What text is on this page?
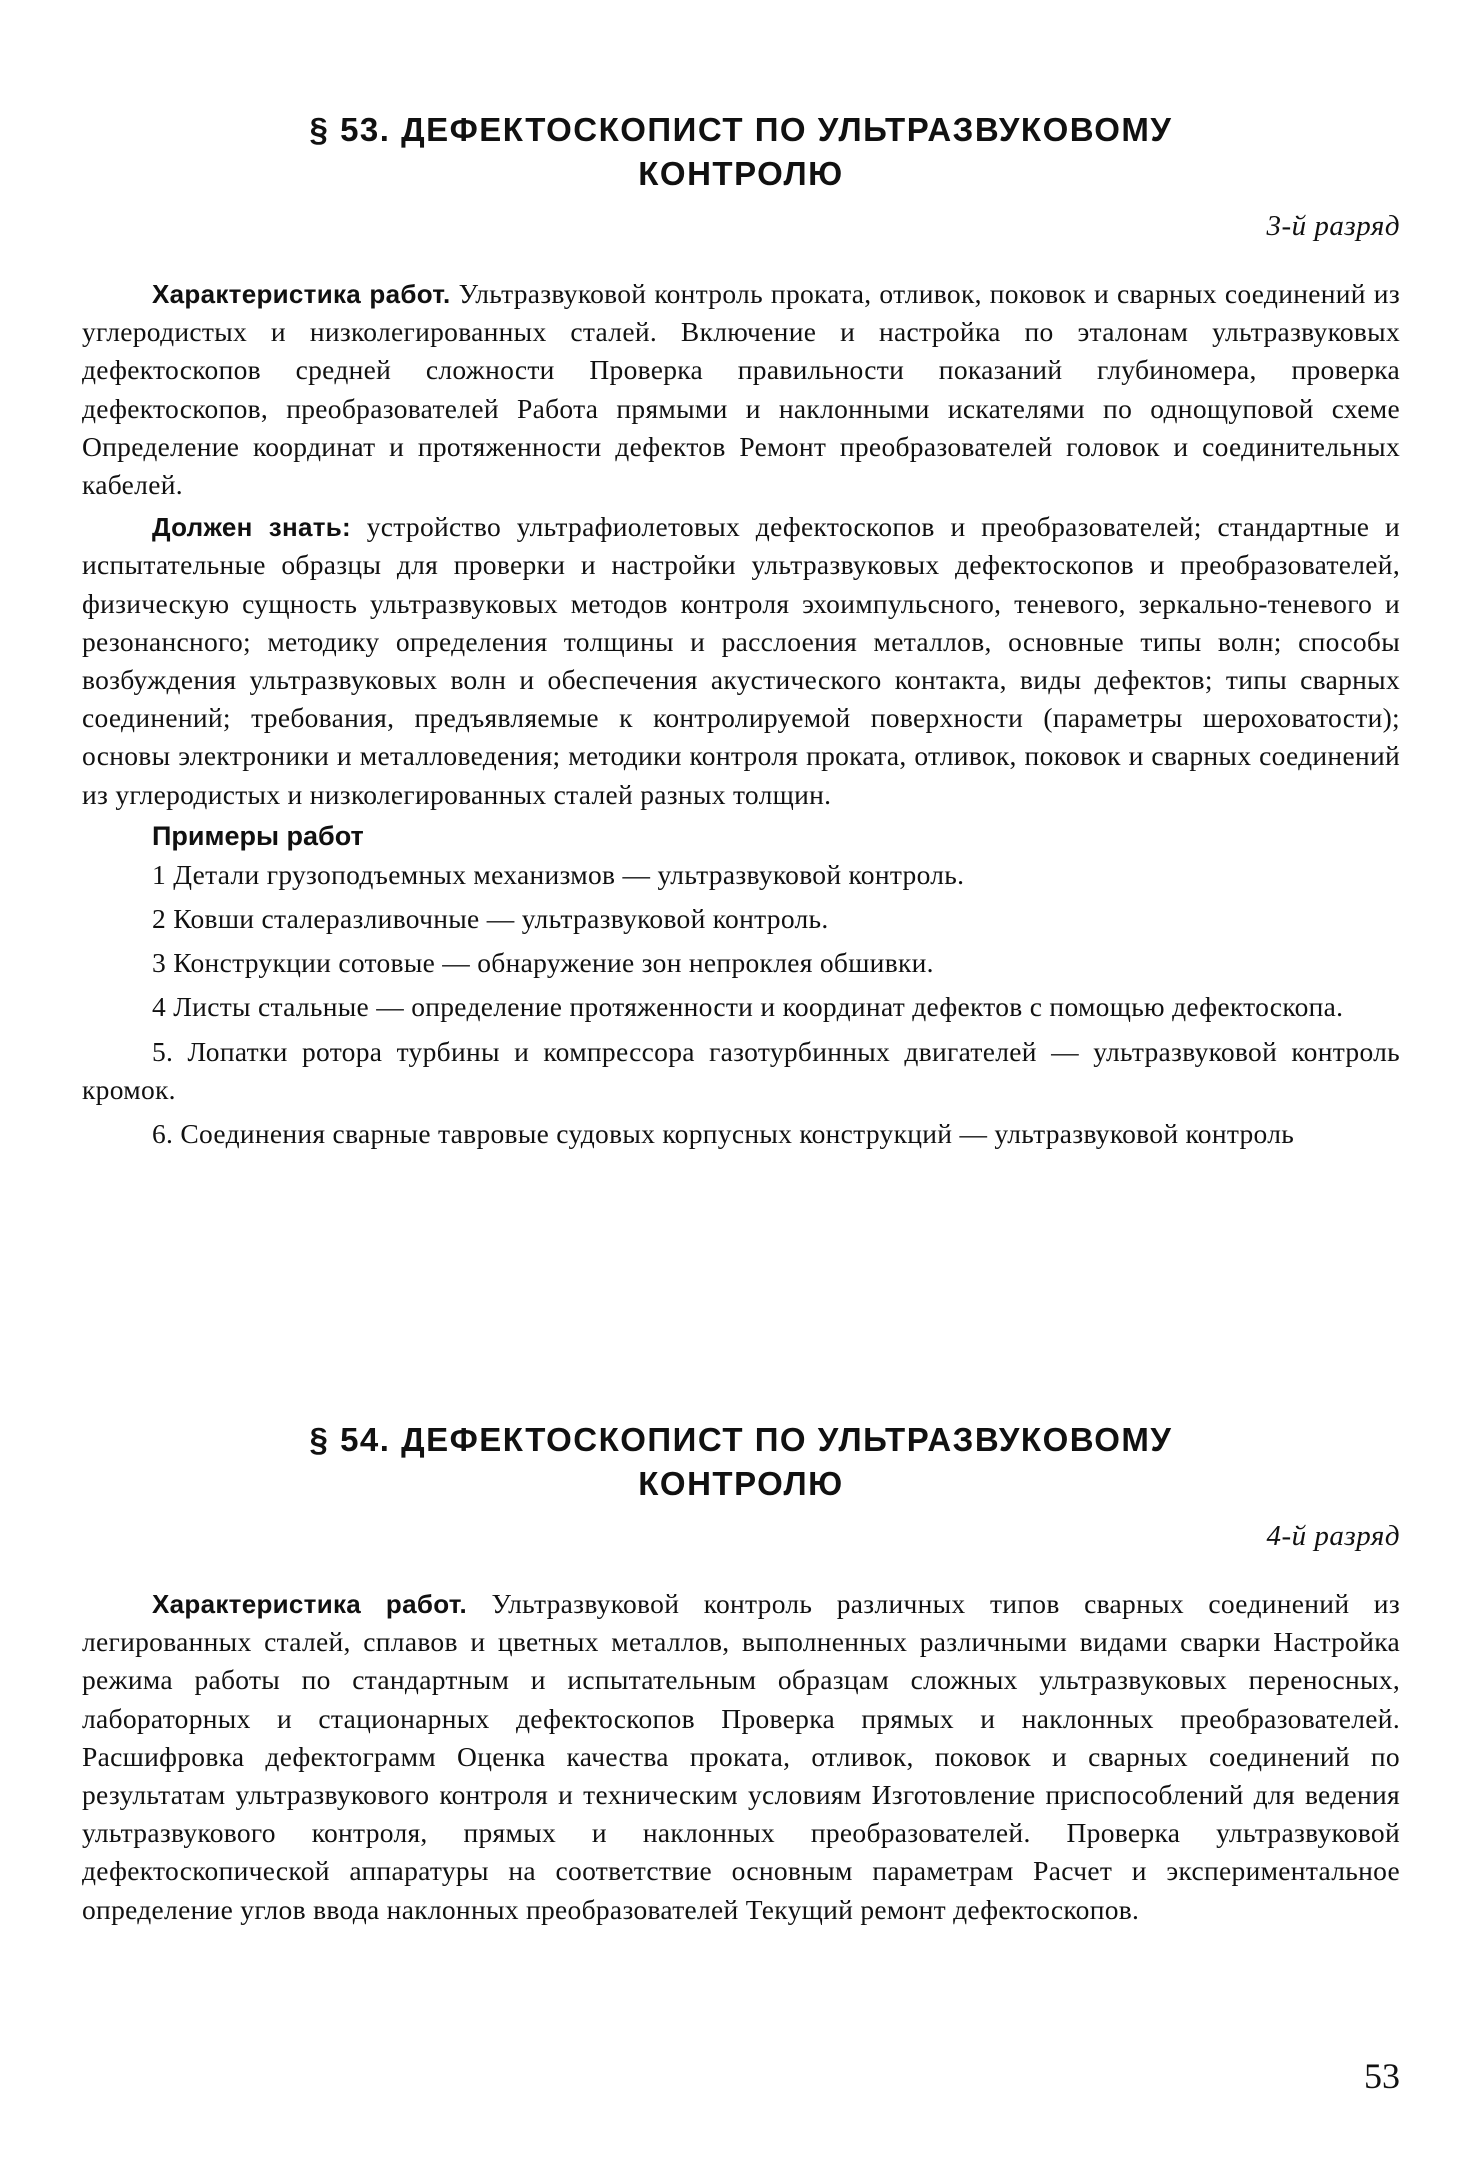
§ 53. ДЕФЕКТОСКОПИСТ ПО УЛЬТРАЗВУКОВОМУ
КОНТРОЛЮ

3-й разряд

Характеристика работ. Ультразвуковой контроль проката, отливок, поковок и сварных соединений из углеродистых и низколегированных сталей. Включение и настройка по эталонам ультразвуковых дефектоскопов средней сложности Проверка правильности показаний глубиномера, проверка дефектоскопов, преобразователей Работа прямыми и наклонными искателями по однощуповой схеме Определение координат и протяженности дефектов Ремонт преобразователей головок и соединительных кабелей.

Должен знать: устройство ультрафиолетовых дефектоскопов и преобразователей; стандартные и испытательные образцы для проверки и настройки ультразвуковых дефектоскопов и преобразователей, физическую сущность ультразвуковых методов контроля эхоимпульсного, теневого, зеркально-теневого и резонансного; методику определения толщины и расслоения металлов, основные типы волн; способы возбуждения ультразвуковых волн и обеспечения акустического контакта, виды дефектов; типы сварных соединений; требования, предъявляемые к контролируемой поверхности (параметры шероховатости); основы электроники и металловедения; методики контроля проката, отливок, поковок и сварных соединений из углеродистых и низколегированных сталей разных толщин.

Примеры работ

1 Детали грузоподъемных механизмов — ультразвуковой контроль.

2 Ковши сталеразливочные — ультразвуковой контроль.

3 Конструкции сотовые — обнаружение зон непроклея обшивки.

4 Листы стальные — определение протяженности и координат дефектов с помощью дефектоскопа.

5. Лопатки ротора турбины и компрессора газотурбинных двигателей — ультразвуковой контроль кромок.

6. Соединения сварные тавровые судовых корпусных конструкций — ультразвуковой контроль

§ 54. ДЕФЕКТОСКОПИСТ ПО УЛЬТРАЗВУКОВОМУ
КОНТРОЛЮ

4-й разряд

Характеристика работ. Ультразвуковой контроль различных типов сварных соединений из легированных сталей, сплавов и цветных металлов, выполненных различными видами сварки Настройка режима работы по стандартным и испытательным образцам сложных ультразвуковых переносных, лабораторных и стационарных дефектоскопов Проверка прямых и наклонных преобразователей. Расшифровка дефектограмм Оценка качества проката, отливок, поковок и сварных соединений по результатам ультразвукового контроля и техническим условиям Изготовление приспособлений для ведения ультразвукового контроля, прямых и наклонных преобразователей. Проверка ультразвуковой дефектоскопической аппаратуры на соответствие основным параметрам Расчет и экспериментальное определение углов ввода наклонных преобразователей Текущий ремонт дефектоскопов.

53
